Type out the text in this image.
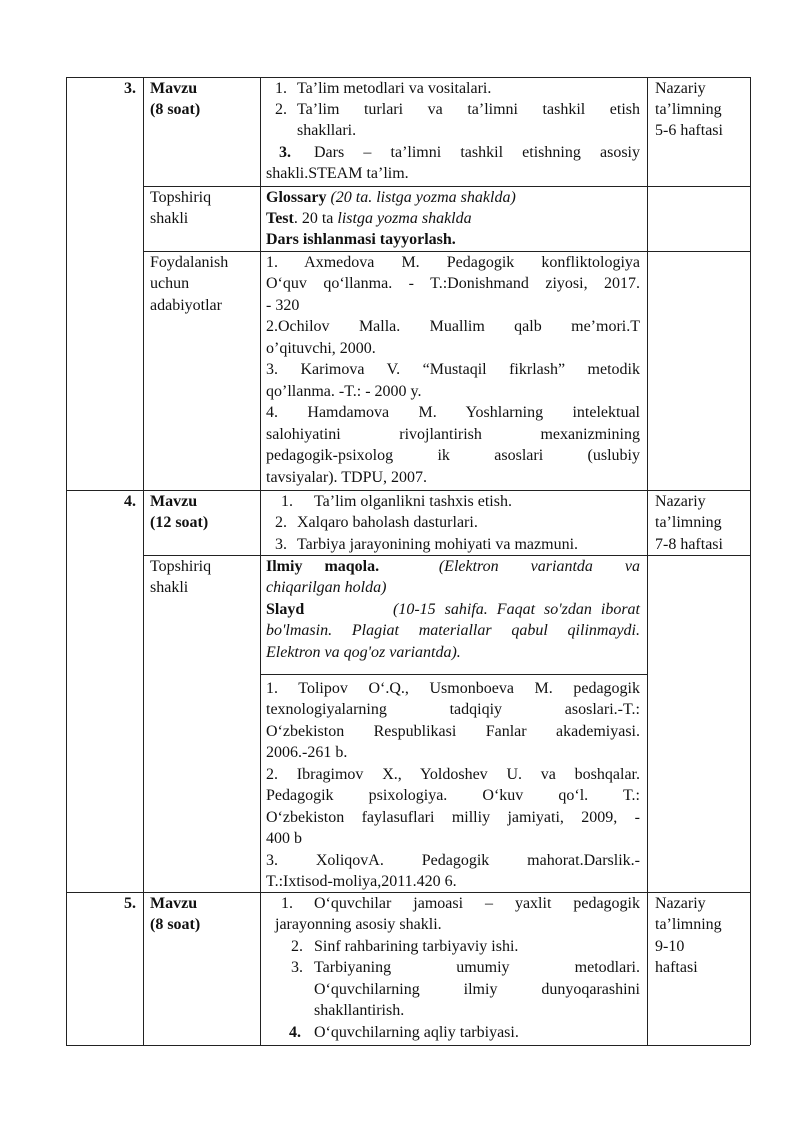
3. Mavzu
(8 soat)
1. Ta’lim metodlari va vositalari.
2. Ta’lim turlari va ta’limni tashkil etish
shakllari.
3. Dars – ta’limni tashkil etishning asosiy
shakli.STEAM ta’lim.
Nazariy
ta’limning
5-6 haftasi
Topshiriq
shakli
Glossary (20 ta. listga yozma shaklda)
Test. 20 ta listga yozma shaklda
Dars ishlanmasi tayyorlash.
Foydalanish
uchun
adabiyotlar
1. Axmedova M. Pedagogik konfliktologiya
O‘quv qo‘llanma. - T.:Donishmand ziyosi, 2017.
- 320
2.Ochilov Malla. Muallim qalb me’mori.T
o’qituvchi, 2000.
3. Karimova V. “Mustaqil fikrlash” metodik
qo’llanma. -T.: - 2000 y.
4. Hamdamova M. Yoshlarning intelektual
salohiyatini rivojlantirish mexanizmining
pedagogik-psixolog ik asoslari (uslubiy
tavsiyalar). TDPU, 2007.
4. Mavzu
(12 soat)
1. Ta’lim olganlikni tashxis etish.
2. Xalqaro baholash dasturlari.
3. Tarbiya jarayonining mohiyati va mazmuni.
Nazariy
ta’limning
7-8 haftasi
Topshiriq
shakli
Ilmiy maqola.	(Elektron variantda va
chiqarilgan holda)
Slayd	(10-15 sahifa. Faqat so'zdan iborat
bo'lmasin. Plagiat materiallar qabul qilinmaydi.
Elektron va qog'oz variantda).
1. Tolipov O‘.Q., Usmonboeva M. pedagogik
texnologiyalarning tadqiqiy asoslari.-T.:
O‘zbekiston Respublikasi Fanlar akademiyasi.
2006.-261 b.
2. Ibragimov X., Yoldoshev U. va boshqalar.
Pedagogik psixologiya. O‘kuv qo‘l. T.:
O‘zbekiston faylasuflari milliy jamiyati, 2009, -
400 b
3. XoliqovA. Pedagogik mahorat.Darslik.-
T.:Ixtisod-moliya,2011.420 6.
5. Mavzu
(8 soat)
1. O‘quvchilar jamoasi – yaxlit pedagogik
jarayonning asosiy shakli.
2. Sinf rahbarining tarbiyaviy ishi.
3. Tarbiyaning umumiy metodlari.
O‘quvchilarning ilmiy dunyoqarashini
shakllantirish.
4. O‘quvchilarning aqliy tarbiyasi.
Nazariy
ta’limning
9-10
haftasi
